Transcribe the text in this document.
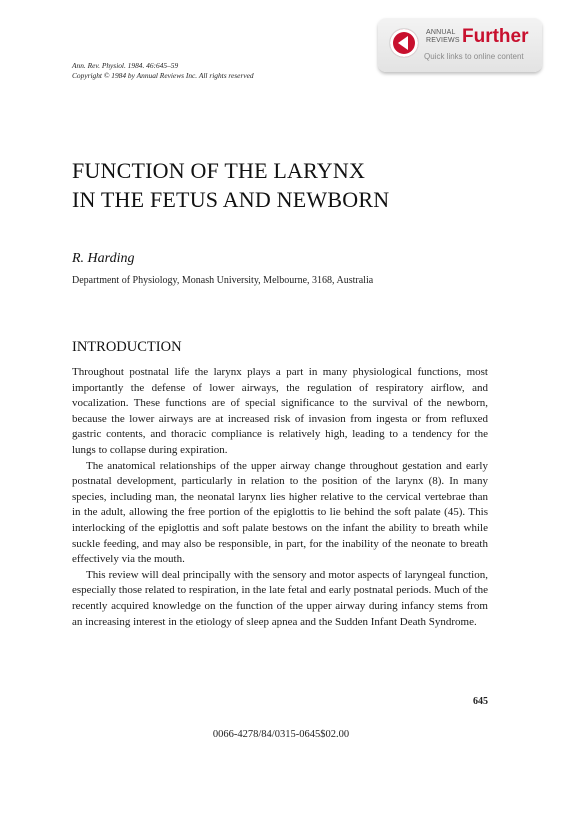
ANNUAL
REVIEWS Further
Quick links to online content
Ann. Rev. Physiol. 1984. 46:645–59
Copyright © 1984 by Annual Reviews Inc. All rights reserved
FUNCTION OF THE LARYNX
IN THE FETUS AND NEWBORN
R. Harding
Department of Physiology, Monash University, Melbourne, 3168, Australia
INTRODUCTION

Throughout postnatal life the larynx plays a part in many physiological functions, most importantly the defense of lower airways, the regulation of respiratory airflow, and vocalization. These functions are of special significance to the survival of the newborn, because the lower airways are at increased risk of invasion from ingesta or from refluxed gastric contents, and thoracic compliance is relatively high, leading to a tendency for the lungs to collapse during expiration.

The anatomical relationships of the upper airway change throughout gestation and early postnatal development, particularly in relation to the position of the larynx (8). In many species, including man, the neonatal larynx lies higher relative to the cervical vertebrae than in the adult, allowing the free portion of the epiglottis to lie behind the soft palate (45). This interlocking of the epiglottis and soft palate bestows on the infant the ability to breath while suckle feeding, and may also be responsible, in part, for the inability of the neonate to breath effectively via the mouth.

This review will deal principally with the sensory and motor aspects of laryngeal function, especially those related to respiration, in the late fetal and early postnatal periods. Much of the recently acquired knowledge on the function of the upper airway during infancy stems from an increasing interest in the etiology of sleep apnea and the Sudden Infant Death Syndrome.

645
0066-4278/84/0315-0645$02.00
